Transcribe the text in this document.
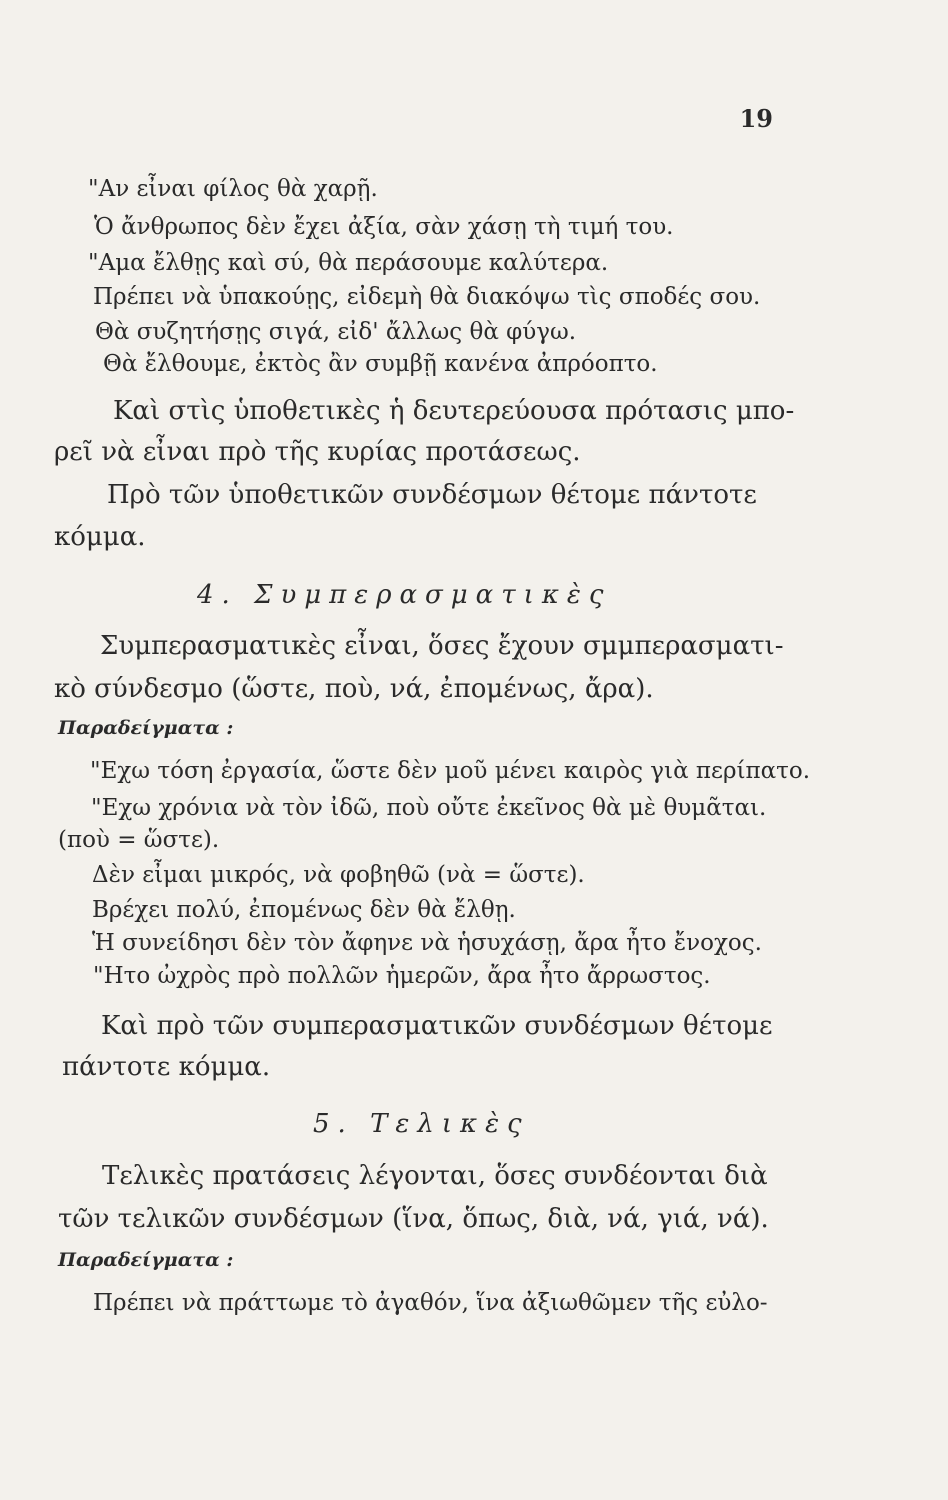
19
"Αν εἶναι φίλος θὰ χαρῇ.
Ὁ ἄνθρωπος δὲν ἔχει ἀξία, σὰν χάσῃ τὴ τιμή του.
"Αμα ἔλθῃς καὶ σύ, θὰ περάσουμε καλύτερα.
Πρέπει νὰ ὑπακούῃς, εἰδεμὴ θὰ διακόψω τὶς σποδές σου.
Θὰ συζητήσῃς σιγά, εἰδ' ἄλλως θὰ φύγω.
Θὰ ἔλθουμε, ἐκτὸς ἂν συμβῇ κανένα ἀπρόοπτο.
Καὶ στὶς ὑποθετικὲς ἡ δευτερεύουσα πρότασις μπο-
ρεῖ νὰ εἶναι πρὸ τῆς κυρίας προτάσεως.
Πρὸ τῶν ὑποθετικῶν συνδέσμων θέτομε πάντοτε
κόμμα.
4. Συμπερασματικὲς
Συμπερασματικὲς εἶναι, ὅσες ἔχουν σμμπερασματι-
κὸ σύνδεσμο (ὥστε, ποὺ, νά, ἐπομένως, ἄρα).
Παραδείγματα :
"Εχω τόση ἐργασία, ὥστε δὲν μοῦ μένει καιρὸς γιὰ περίπατο.
"Εχω χρόνια νὰ τὸν ἰδῶ, ποὺ οὔτε ἐκεῖνος θὰ μὲ θυμᾶται.
(ποὺ = ὥστε).
Δὲν εἶμαι μικρός, νὰ φοβηθῶ (νὰ = ὥστε).
Βρέχει πολύ, ἐπομένως δὲν θὰ ἔλθῃ.
Ἡ συνείδησι δὲν τὸν ἄφηνε νὰ ἡσυχάσῃ, ἄρα ἦτο ἔνοχος.
"Ητο ὠχρὸς πρὸ πολλῶν ἡμερῶν, ἄρα ἦτο ἄρρωστος.
Καὶ πρὸ τῶν συμπερασματικῶν συνδέσμων θέτομε
πάντοτε κόμμα.
5. Τελικὲς
Τελικὲς πρατάσεις λέγονται, ὅσες συνδέονται διὰ
τῶν τελικῶν συνδέσμων (ἵνα, ὅπως, διὰ, νά, γιά, νά).
Παραδείγματα :
Πρέπει νὰ πράττωμε τὸ ἀγαθόν, ἵνα ἀξιωθῶμεν τῆς εὐλο-
